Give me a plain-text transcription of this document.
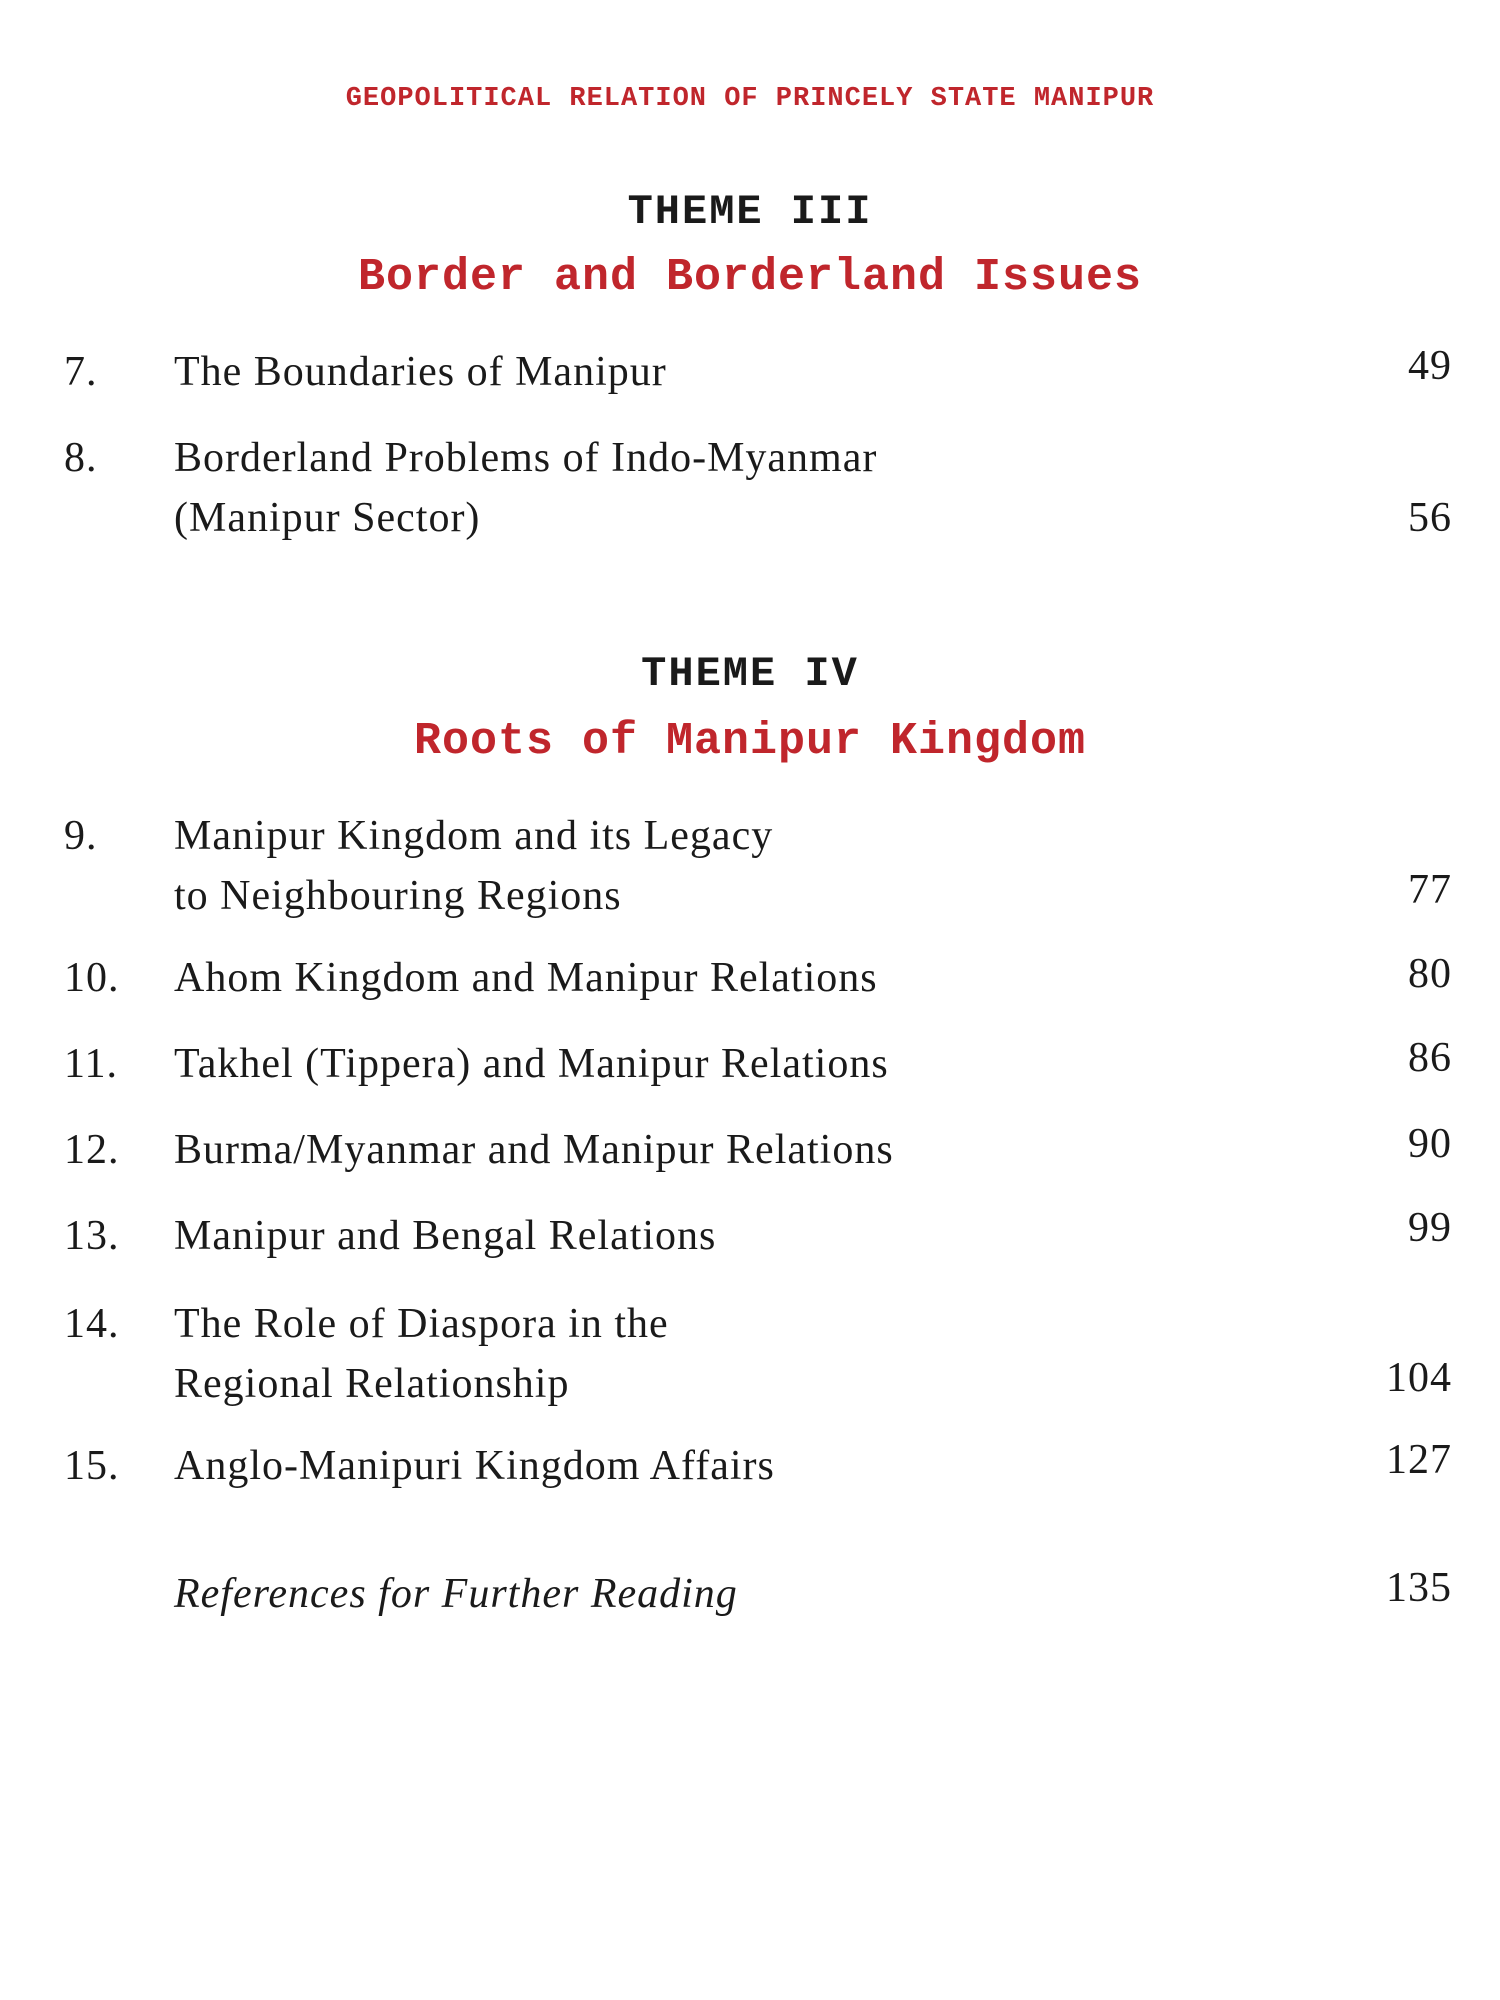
GEOPOLITICAL RELATION OF PRINCELY STATE MANIPUR
THEME III
Border and Borderland Issues
7. The Boundaries of Manipur	49
8. Borderland Problems of Indo-Myanmar
(Manipur Sector)	56
THEME IV
Roots of Manipur Kingdom
9. Manipur Kingdom and its Legacy
to Neighbouring Regions	77
10. Ahom Kingdom and Manipur Relations	80
11. Takhel (Tippera) and Manipur Relations	86
12. Burma/Myanmar and Manipur Relations	90
13. Manipur and Bengal Relations	99
14. The Role of Diaspora in the
Regional Relationship	104
15. Anglo-Manipuri Kingdom Affairs	127
References for Further Reading	135
